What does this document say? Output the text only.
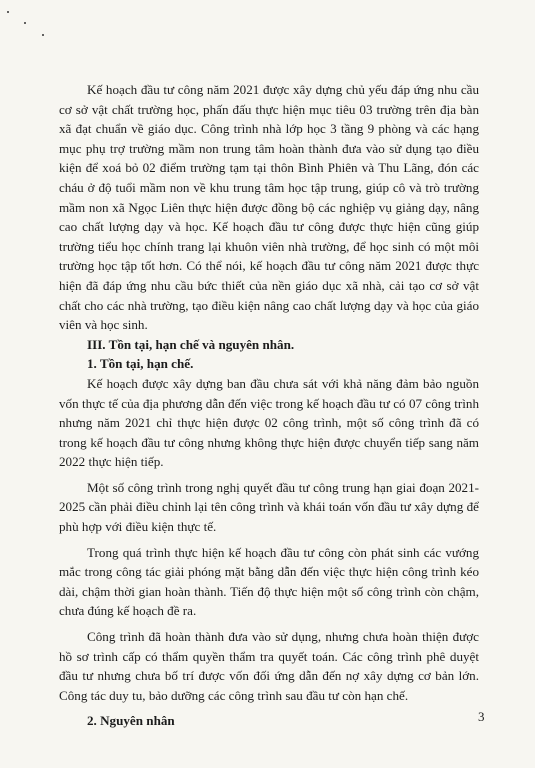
Kế hoạch đầu tư công năm 2021 được xây dựng chủ yếu đáp ứng nhu cầu cơ sở vật chất trường học, phấn đấu thực hiện mục tiêu 03 trường trên địa bàn xã đạt chuẩn về giáo dục. Công trình nhà lớp học 3 tầng 9 phòng và các hạng mục phụ trợ trường mầm non trung tâm hoàn thành đưa vào sử dụng tạo điều kiện để xoá bỏ 02 điểm trường tạm tại thôn Bình Phiên và Thu Lãng, đón các cháu ở độ tuổi mầm non về khu trung tâm học tập trung, giúp cô và trò trường mầm non xã Ngọc Liên thực hiện được đồng bộ các nghiệp vụ giảng dạy, nâng cao chất lượng dạy và học. Kế hoạch đầu tư công được thực hiện cũng giúp trường tiểu học chính trang lại khuôn viên nhà trường, để học sinh có một môi trường học tập tốt hơn. Có thể nói, kế hoạch đầu tư công năm 2021 được thực hiện đã đáp ứng nhu cầu bức thiết của nền giáo dục xã nhà, cải tạo cơ sở vật chất cho các nhà trường, tạo điều kiện nâng cao chất lượng dạy và học của giáo viên và học sinh.

III. Tồn tại, hạn chế và nguyên nhân.

1. Tồn tại, hạn chế.

Kế hoạch được xây dựng ban đầu chưa sát với khả năng đảm bảo nguồn vốn thực tế của địa phương dẫn đến việc trong kế hoạch đầu tư có 07 công trình nhưng năm 2021 chỉ thực hiện được 02 công trình, một số công trình đã có trong kế hoạch đầu tư công nhưng không thực hiện được chuyển tiếp sang năm 2022 thực hiện tiếp.

Một số công trình trong nghị quyết đầu tư công trung hạn giai đoạn 2021-2025 cần phải điều chỉnh lại tên công trình và khái toán vốn đầu tư xây dựng để phù hợp với điều kiện thực tế.

Trong quá trình thực hiện kế hoạch đầu tư công còn phát sinh các vướng mắc trong công tác giải phóng mặt bằng dẫn đến việc thực hiện công trình kéo dài, chậm thời gian hoàn thành. Tiến độ thực hiện một số công trình còn chậm, chưa đúng kế hoạch đề ra.

Công trình đã hoàn thành đưa vào sử dụng, nhưng chưa hoàn thiện được hồ sơ trình cấp có thẩm quyền thẩm tra quyết toán. Các công trình phê duyệt đầu tư nhưng chưa bố trí được vốn đối ứng dẫn đến nợ xây dựng cơ bản lớn. Công tác duy tu, bảo dưỡng các công trình sau đầu tư còn hạn chế.

2. Nguyên nhân	3
